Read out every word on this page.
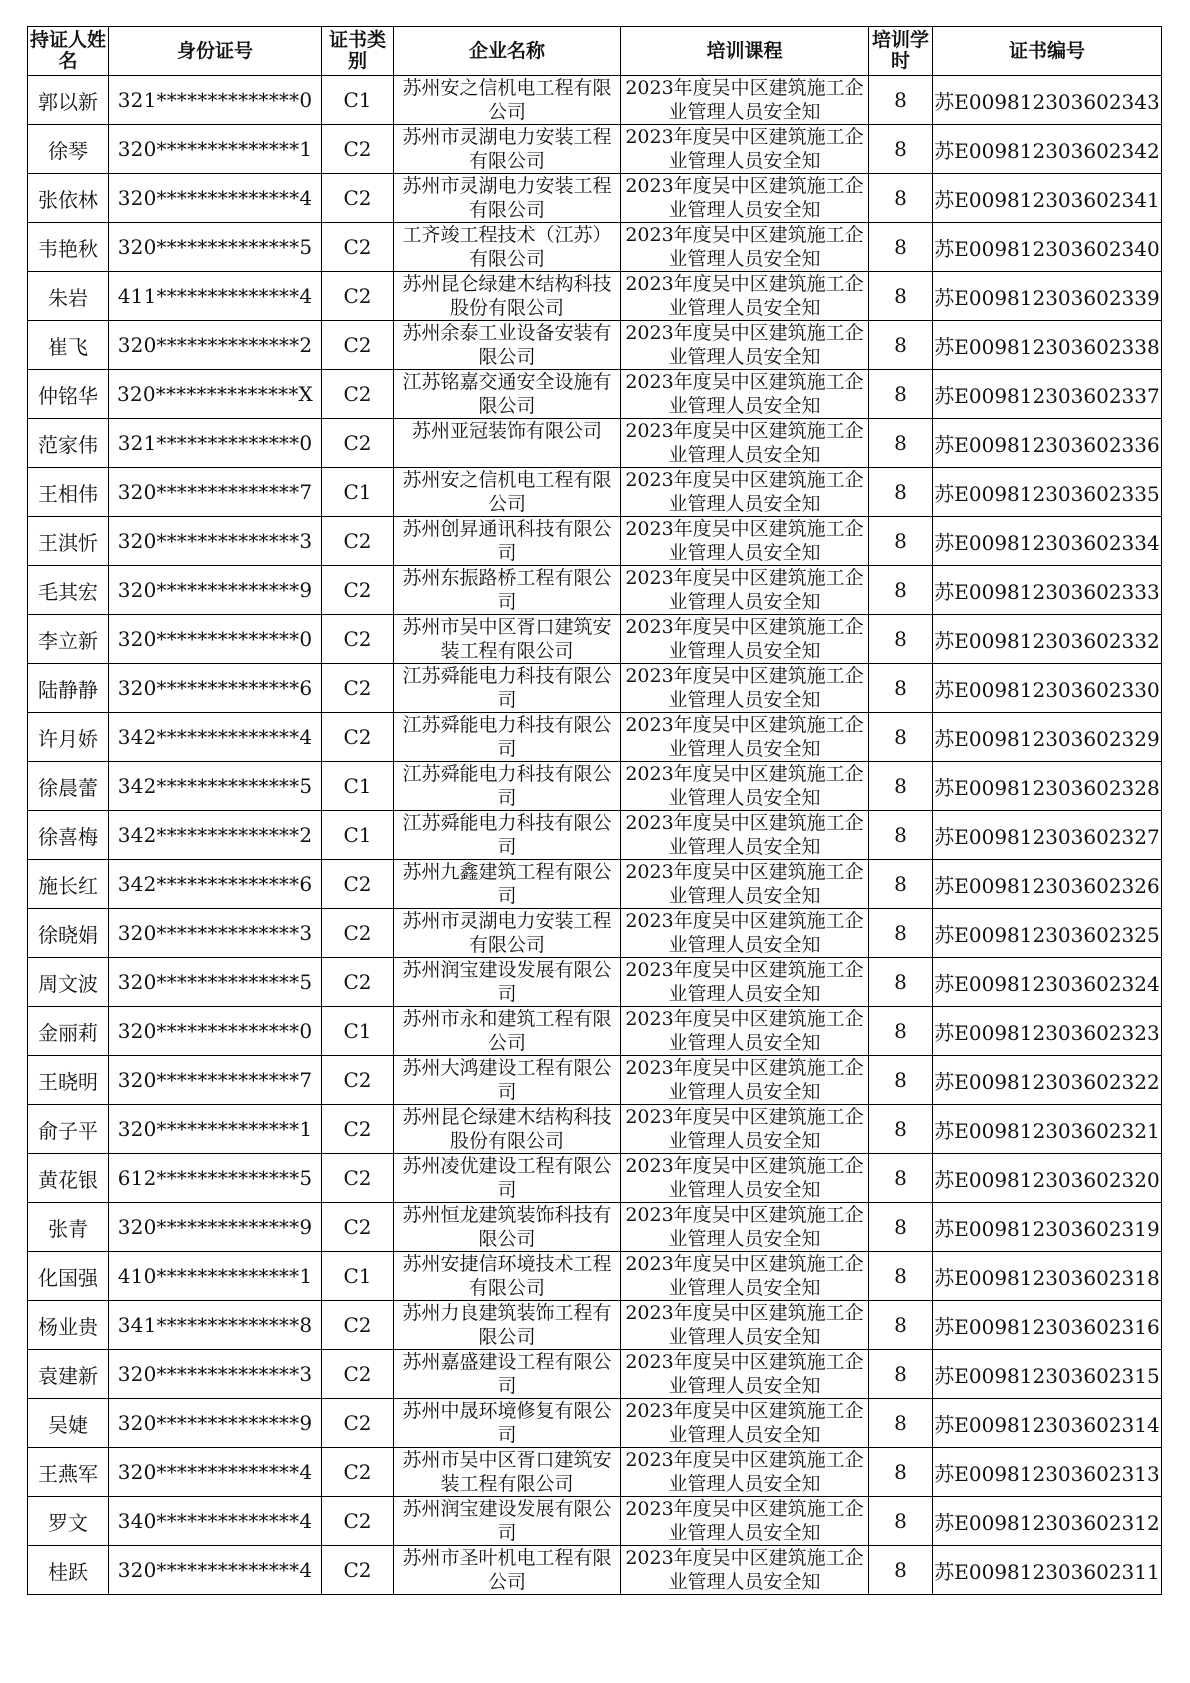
持证人姓名	身份证号	证书类别	企业名称	培训课程	培训学时	证书编号
郭以新	321**************0	C1	苏州安之信机电工程有限公司	2023年度吴中区建筑施工企业管理人员安全知	8	苏E009812303602343
徐琴	320**************1	C2	苏州市灵湖电力安装工程有限公司	2023年度吴中区建筑施工企业管理人员安全知	8	苏E009812303602342
张依林	320**************4	C2	苏州市灵湖电力安装工程有限公司	2023年度吴中区建筑施工企业管理人员安全知	8	苏E009812303602341
韦艳秋	320**************5	C2	工齐竣工程技术（江苏）有限公司	2023年度吴中区建筑施工企业管理人员安全知	8	苏E009812303602340
朱岩	411**************4	C2	苏州昆仑绿建木结构科技股份有限公司	2023年度吴中区建筑施工企业管理人员安全知	8	苏E009812303602339
崔飞	320**************2	C2	苏州余泰工业设备安装有限公司	2023年度吴中区建筑施工企业管理人员安全知	8	苏E009812303602338
仲铭华	320**************X	C2	江苏铭嘉交通安全设施有限公司	2023年度吴中区建筑施工企业管理人员安全知	8	苏E009812303602337
范家伟	321**************0	C2	苏州亚冠装饰有限公司	2023年度吴中区建筑施工企业管理人员安全知	8	苏E009812303602336
王相伟	320**************7	C1	苏州安之信机电工程有限公司	2023年度吴中区建筑施工企业管理人员安全知	8	苏E009812303602335
王淇忻	320**************3	C2	苏州创昇通讯科技有限公司	2023年度吴中区建筑施工企业管理人员安全知	8	苏E009812303602334
毛其宏	320**************9	C2	苏州东振路桥工程有限公司	2023年度吴中区建筑施工企业管理人员安全知	8	苏E009812303602333
李立新	320**************0	C2	苏州市吴中区胥口建筑安装工程有限公司	2023年度吴中区建筑施工企业管理人员安全知	8	苏E009812303602332
陆静静	320**************6	C2	江苏舜能电力科技有限公司	2023年度吴中区建筑施工企业管理人员安全知	8	苏E009812303602330
许月娇	342**************4	C2	江苏舜能电力科技有限公司	2023年度吴中区建筑施工企业管理人员安全知	8	苏E009812303602329
徐晨蕾	342**************5	C1	江苏舜能电力科技有限公司	2023年度吴中区建筑施工企业管理人员安全知	8	苏E009812303602328
徐喜梅	342**************2	C1	江苏舜能电力科技有限公司	2023年度吴中区建筑施工企业管理人员安全知	8	苏E009812303602327
施长红	342**************6	C2	苏州九鑫建筑工程有限公司	2023年度吴中区建筑施工企业管理人员安全知	8	苏E009812303602326
徐晓娟	320**************3	C2	苏州市灵湖电力安装工程有限公司	2023年度吴中区建筑施工企业管理人员安全知	8	苏E009812303602325
周文波	320**************5	C2	苏州润宝建设发展有限公司	2023年度吴中区建筑施工企业管理人员安全知	8	苏E009812303602324
金丽莉	320**************0	C1	苏州市永和建筑工程有限公司	2023年度吴中区建筑施工企业管理人员安全知	8	苏E009812303602323
王晓明	320**************7	C2	苏州大鸿建设工程有限公司	2023年度吴中区建筑施工企业管理人员安全知	8	苏E009812303602322
俞子平	320**************1	C2	苏州昆仑绿建木结构科技股份有限公司	2023年度吴中区建筑施工企业管理人员安全知	8	苏E009812303602321
黄花银	612**************5	C2	苏州凌优建设工程有限公司	2023年度吴中区建筑施工企业管理人员安全知	8	苏E009812303602320
张青	320**************9	C2	苏州恒龙建筑装饰科技有限公司	2023年度吴中区建筑施工企业管理人员安全知	8	苏E009812303602319
化国强	410**************1	C1	苏州安捷信环境技术工程有限公司	2023年度吴中区建筑施工企业管理人员安全知	8	苏E009812303602318
杨业贵	341**************8	C2	苏州力良建筑装饰工程有限公司	2023年度吴中区建筑施工企业管理人员安全知	8	苏E009812303602316
袁建新	320**************3	C2	苏州嘉盛建设工程有限公司	2023年度吴中区建筑施工企业管理人员安全知	8	苏E009812303602315
吴婕	320**************9	C2	苏州中晟环境修复有限公司	2023年度吴中区建筑施工企业管理人员安全知	8	苏E009812303602314
王燕军	320**************4	C2	苏州市吴中区胥口建筑安装工程有限公司	2023年度吴中区建筑施工企业管理人员安全知	8	苏E009812303602313
罗文	340**************4	C2	苏州润宝建设发展有限公司	2023年度吴中区建筑施工企业管理人员安全知	8	苏E009812303602312
桂跃	320**************4	C2	苏州市圣叶机电工程有限公司	2023年度吴中区建筑施工企业管理人员安全知	8	苏E009812303602311
